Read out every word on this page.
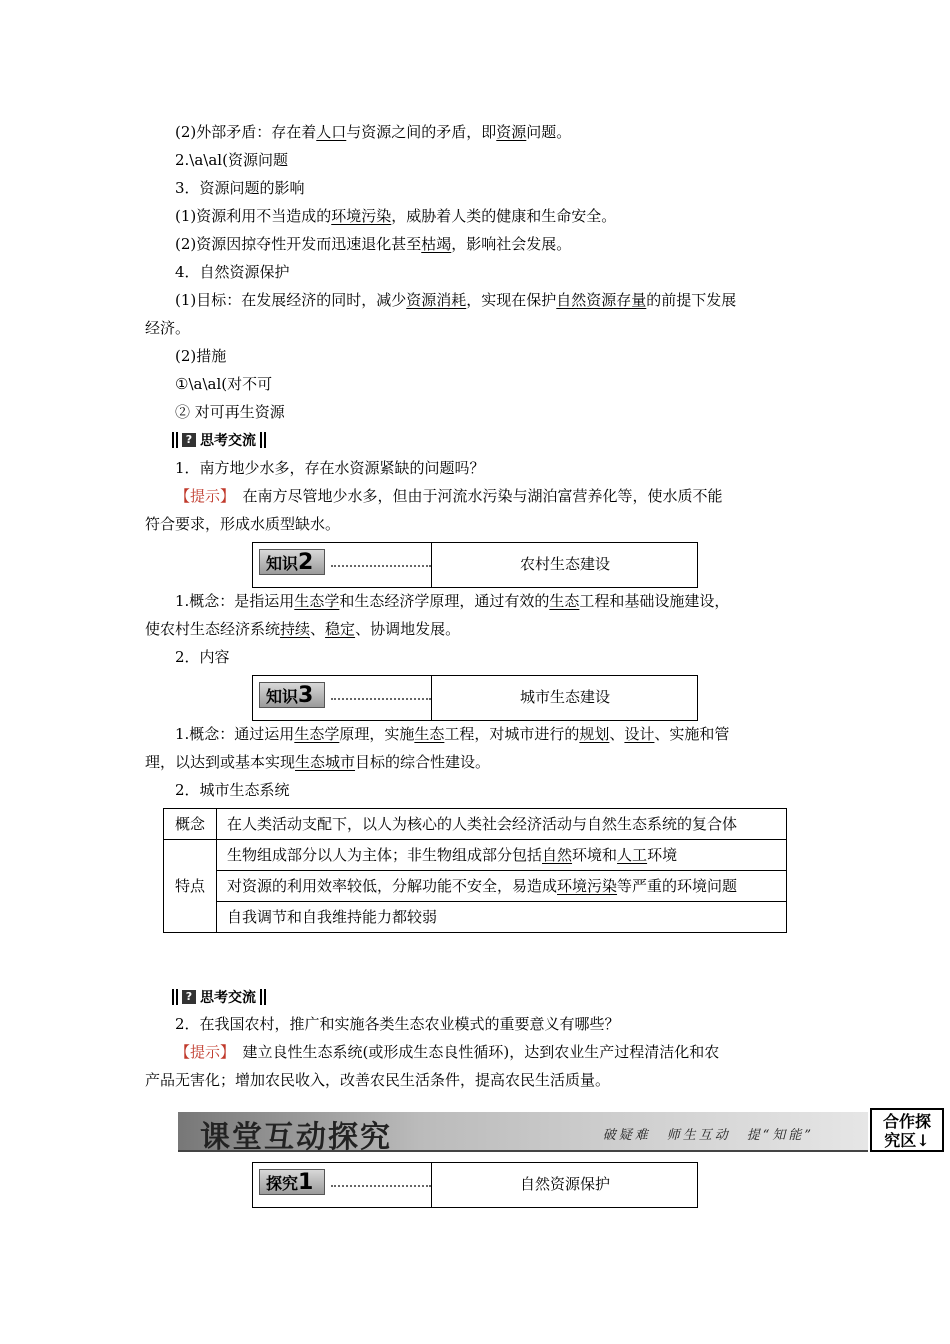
(2)外部矛盾：存在着人口与资源之间的矛盾，即资源问题。
2.\a\al(资源问题
3．资源问题的影响
(1)资源利用不当造成的环境污染，威胁着人类的健康和生命安全。
(2)资源因掠夺性开发而迅速退化甚至枯竭，影响社会发展。
4．自然资源保护
(1)目标：在发展经济的同时，减少资源消耗，实现在保护自然资源存量的前提下发展
经济。
(2)措施
①\a\al(对不可
② 对可再生资源
? 思考交流
1．南方地少水多，存在水资源紧缺的问题吗？
【提示】　 在南方尽管地少水多，但由于河流水污染与湖泊富营养化等，使水质不能
符合要求，形成水质型缺水。
知识2	农村生态建设
1.概念：是指运用生态学和生态经济学原理，通过有效的生态工程和基础设施建设，
使农村生态经济系统持续、稳定、协调地发展。
2．内容
知识3	城市生态建设
1.概念：通过运用生态学原理，实施生态工程，对城市进行的规划、设计、实施和管
理，以达到或基本实现生态城市目标的综合性建设。
2．城市生态系统
概念	在人类活动支配下，以人为核心的人类社会经济活动与自然生态系统的复合体
特点	生物组成部分以人为主体；非生物组成部分包括自然环境和人工环境
	对资源的利用效率较低，分解功能不安全，易造成环境污染等严重的环境问题
	自我调节和自我维持能力都较弱
? 思考交流
2．在我国农村，推广和实施各类生态农业模式的重要意义有哪些？
【提示】　 建立良性生态系统(或形成生态良性循环)，达到农业生产过程清洁化和农
产品无害化；增加农民收入，改善农民生活条件，提高农民生活质量。
课堂互动探究	破疑难　师生互动　提“知能”
合作探
究区↓
探究1	自然资源保护
